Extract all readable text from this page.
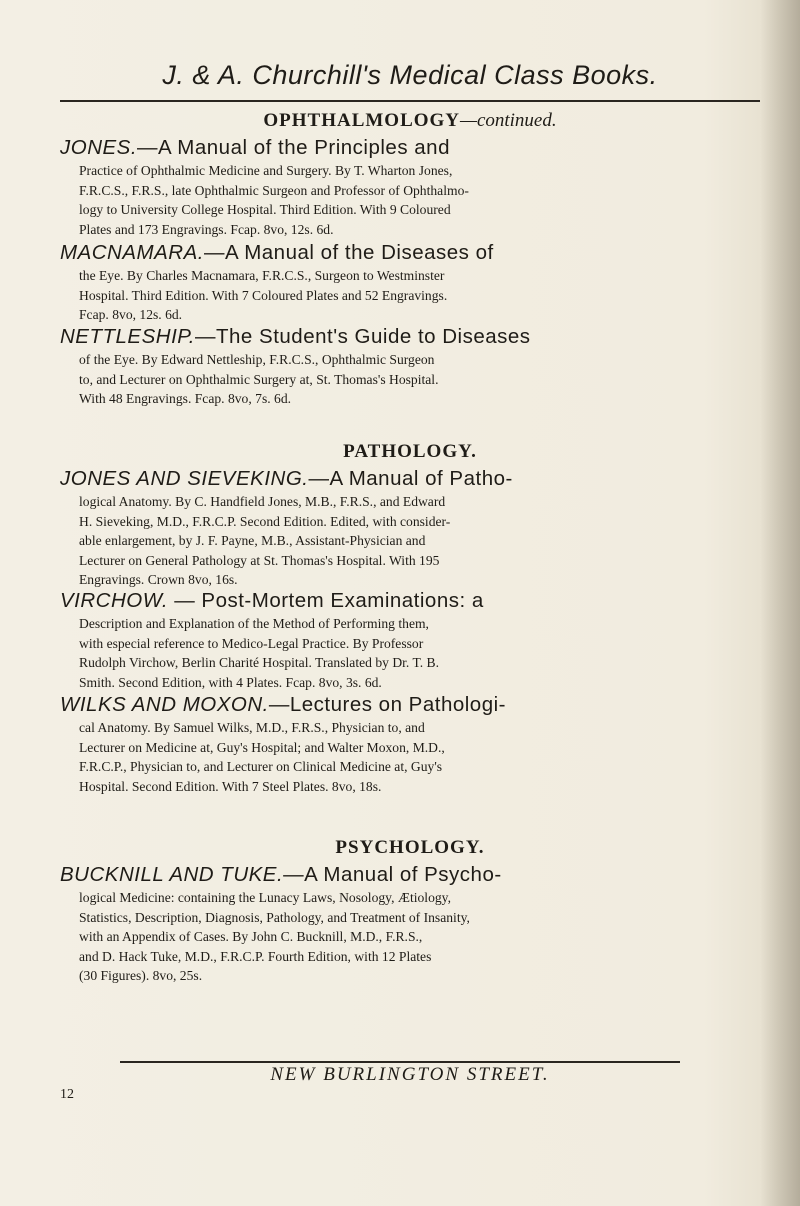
J. & A. Churchill's Medical Class Books.
OPHTHALMOLOGY—continued.
JONES.—A Manual of the Principles and
Practice of Ophthalmic Medicine and Surgery. By T. Wharton Jones,
F.R.C.S., F.R.S., late Ophthalmic Surgeon and Professor of Ophthalmo-
logy to University College Hospital. Third Edition. With 9 Coloured
Plates and 173 Engravings. Fcap. 8vo, 12s. 6d.
MACNAMARA.—A Manual of the Diseases of
the Eye. By Charles Macnamara, F.R.C.S., Surgeon to Westminster
Hospital. Third Edition. With 7 Coloured Plates and 52 Engravings.
Fcap. 8vo, 12s. 6d.
NETTLESHIP.—The Student's Guide to Diseases
of the Eye. By Edward Nettleship, F.R.C.S., Ophthalmic Surgeon
to, and Lecturer on Ophthalmic Surgery at, St. Thomas's Hospital.
With 48 Engravings. Fcap. 8vo, 7s. 6d.
PATHOLOGY.
JONES AND SIEVEKING.—A Manual of Patho-
logical Anatomy. By C. Handfield Jones, M.B., F.R.S., and Edward
H. Sieveking, M.D., F.R.C.P. Second Edition. Edited, with consider-
able enlargement, by J. F. Payne, M.B., Assistant-Physician and
Lecturer on General Pathology at St. Thomas's Hospital. With 195
Engravings. Crown 8vo, 16s.
VIRCHOW. — Post-Mortem Examinations: a
Description and Explanation of the Method of Performing them,
with especial reference to Medico-Legal Practice. By Professor
Rudolph Virchow, Berlin Charité Hospital. Translated by Dr. T. B.
Smith. Second Edition, with 4 Plates. Fcap. 8vo, 3s. 6d.
WILKS AND MOXON.—Lectures on Pathologi-
cal Anatomy. By Samuel Wilks, M.D., F.R.S., Physician to, and
Lecturer on Medicine at, Guy's Hospital; and Walter Moxon, M.D.,
F.R.C.P., Physician to, and Lecturer on Clinical Medicine at, Guy's
Hospital. Second Edition. With 7 Steel Plates. 8vo, 18s.
PSYCHOLOGY.
BUCKNILL AND TUKE.—A Manual of Psycho-
logical Medicine: containing the Lunacy Laws, Nosology, Ætiology,
Statistics, Description, Diagnosis, Pathology, and Treatment of Insanity,
with an Appendix of Cases. By John C. Bucknill, M.D., F.R.S.,
and D. Hack Tuke, M.D., F.R.C.P. Fourth Edition, with 12 Plates
(30 Figures). 8vo, 25s.
NEW BURLINGTON STREET.
12
